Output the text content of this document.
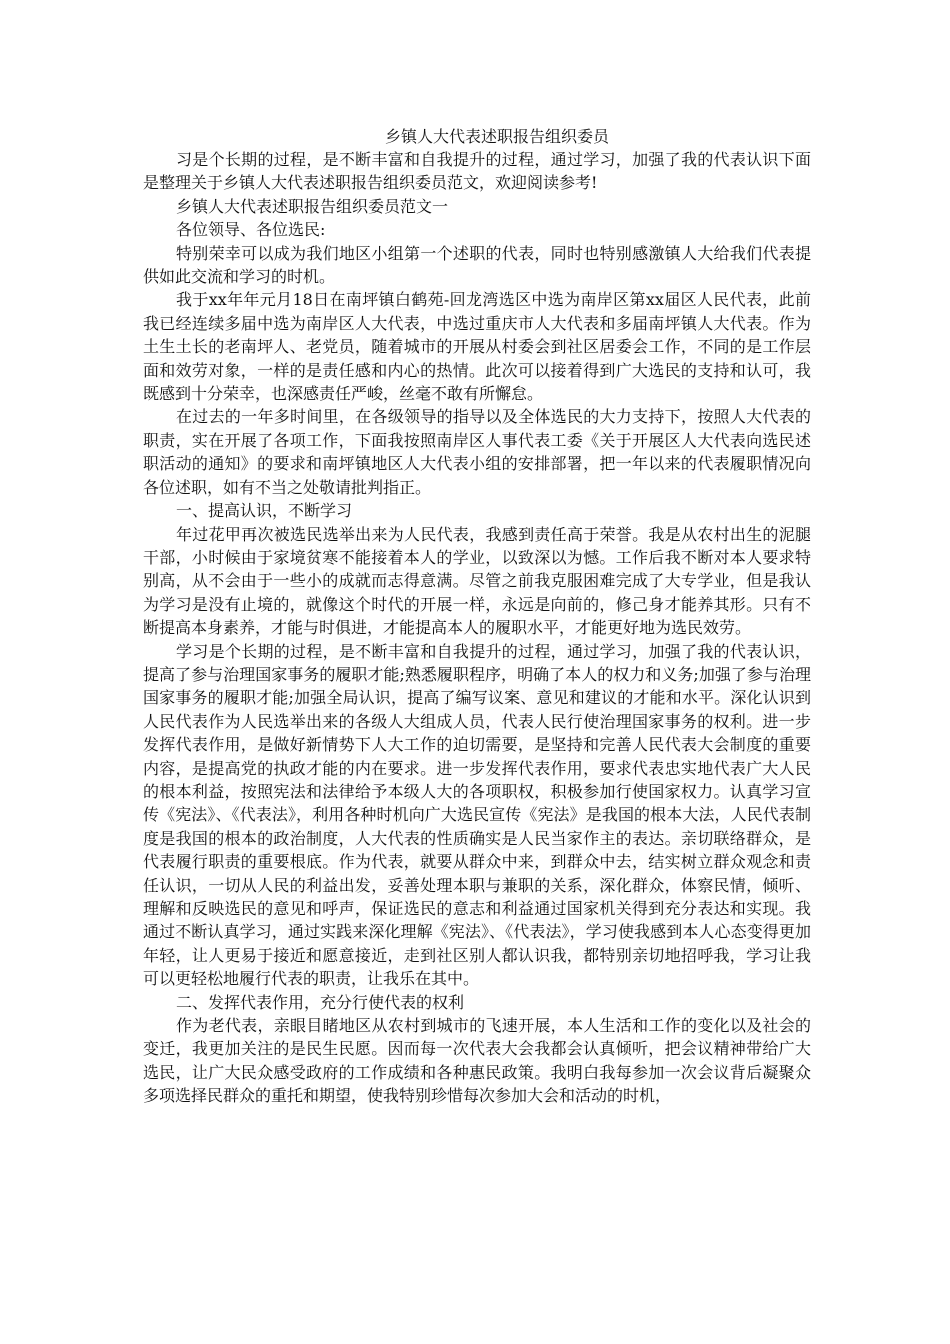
乡镇人大代表述职报告组织委员

习是个长期的过程，是不断丰富和自我提升的过程，通过学习，加强了我的代表认识下面是整理关于乡镇人大代表述职报告组织委员范文，欢迎阅读参考!

乡镇人大代表述职报告组织委员范文一

各位领导、各位选民:

特别荣幸可以成为我们地区小组第一个述职的代表，同时也特别感激镇人大给我们代表提供如此交流和学习的时机。

我于xx年年元月18日在南坪镇白鹤苑-回龙湾选区中选为南岸区第xx届区人民代表，此前我已经连续多届中选为南岸区人大代表，中选过重庆市人大代表和多届南坪镇人大代表。作为土生土长的老南坪人、老党员，随着城市的开展从村委会到社区居委会工作，不同的是工作层面和效劳对象，一样的是责任感和内心的热情。此次可以接着得到广大选民的支持和认可，我既感到十分荣幸，也深感责任严峻，丝毫不敢有所懈怠。

在过去的一年多时间里，在各级领导的指导以及全体选民的大力支持下，按照人大代表的职责，实在开展了各项工作，下面我按照南岸区人事代表工委《关于开展区人大代表向选民述职活动的通知》的要求和南坪镇地区人大代表小组的安排部署，把一年以来的代表履职情况向各位述职，如有不当之处敬请批判指正。

一、提高认识，不断学习

年过花甲再次被选民选举出来为人民代表，我感到责任高于荣誉。我是从农村出生的泥腿干部，小时候由于家境贫寒不能接着本人的学业，以致深以为憾。工作后我不断对本人要求特别高，从不会由于一些小的成就而志得意满。尽管之前我克服困难完成了大专学业，但是我认为学习是没有止境的，就像这个时代的开展一样，永远是向前的，修己身才能养其形。只有不断提高本身素养，才能与时俱进，才能提高本人的履职水平，才能更好地为选民效劳。

学习是个长期的过程，是不断丰富和自我提升的过程，通过学习，加强了我的代表认识，提高了参与治理国家事务的履职才能;熟悉履职程序，明确了本人的权力和义务;加强了参与治理国家事务的履职才能;加强全局认识，提高了编写议案、意见和建议的才能和水平。深化认识到人民代表作为人民选举出来的各级人大组成人员，代表人民行使治理国家事务的权利。进一步发挥代表作用，是做好新情势下人大工作的迫切需要，是坚持和完善人民代表大会制度的重要内容，是提高党的执政才能的内在要求。进一步发挥代表作用，要求代表忠实地代表广大人民的根本利益，按照宪法和法律给予本级人大的各项职权，积极参加行使国家权力。认真学习宣传《宪法》、《代表法》，利用各种时机向广大选民宣传《宪法》是我国的根本大法，人民代表制度是我国的根本的政治制度，人大代表的性质确实是人民当家作主的表达。亲切联络群众，是代表履行职责的重要根底。作为代表，就要从群众中来，到群众中去，结实树立群众观念和责任认识，一切从人民的利益出发，妥善处理本职与兼职的关系，深化群众，体察民情，倾听、理解和反映选民的意见和呼声，保证选民的意志和利益通过国家机关得到充分表达和实现。我通过不断认真学习，通过实践来深化理解《宪法》、《代表法》，学习使我感到本人心态变得更加年轻，让人更易于接近和愿意接近，走到社区别人都认识我，都特别亲切地招呼我，学习让我可以更轻松地履行代表的职责，让我乐在其中。

二、发挥代表作用，充分行使代表的权利

作为老代表，亲眼目睹地区从农村到城市的飞速开展，本人生活和工作的变化以及社会的变迁，我更加关注的是民生民愿。因而每一次代表大会我都会认真倾听，把会议精神带给广大选民，让广大民众感受政府的工作成绩和各种惠民政策。我明白我每参加一次会议背后凝聚众多项选择民群众的重托和期望，使我特别珍惜每次参加大会和活动的时机，
